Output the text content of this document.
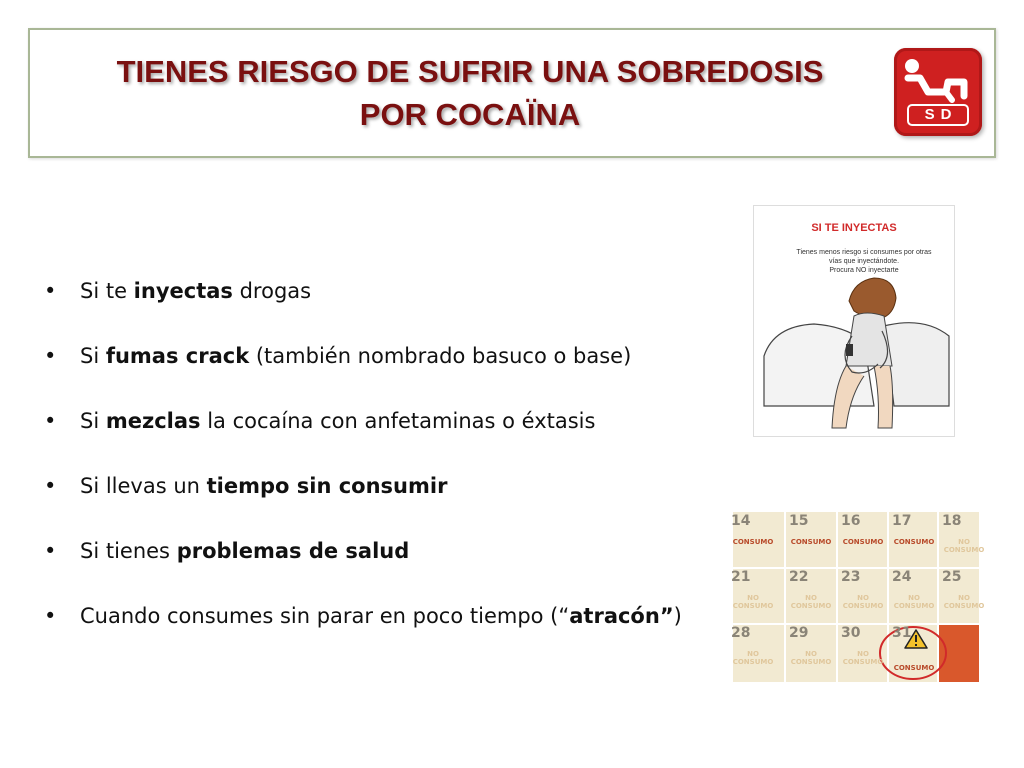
TIENES RIESGO DE SUFRIR UNA SOBREDOSIS
POR COCAÏNA	SD
• Si te inyectas drogas
• Si fumas crack (también nombrado basuco o base)
• Si mezclas la cocaína con anfetaminas o éxtasis
• Si llevas un tiempo sin consumir
• Si tienes problemas de salud
• Cuando consumes sin parar en poco tiempo (“atracón”)
SI TE INYECTAS
Tienes menos riesgo si consumes por otras vías que inyectándote.
Procura NO inyectarte
14
CONSUMO
15
CONSUMO
16
CONSUMO
17
CONSUMO
18
NO CONSUMO
21
NO CONSUMO
22
NO CONSUMO
23
NO CONSUMO
24
NO CONSUMO
25
NO CONSUMO
28
NO CONSUMO
29
NO CONSUMO
30
NO CONSUMO
31
CONSUMO
